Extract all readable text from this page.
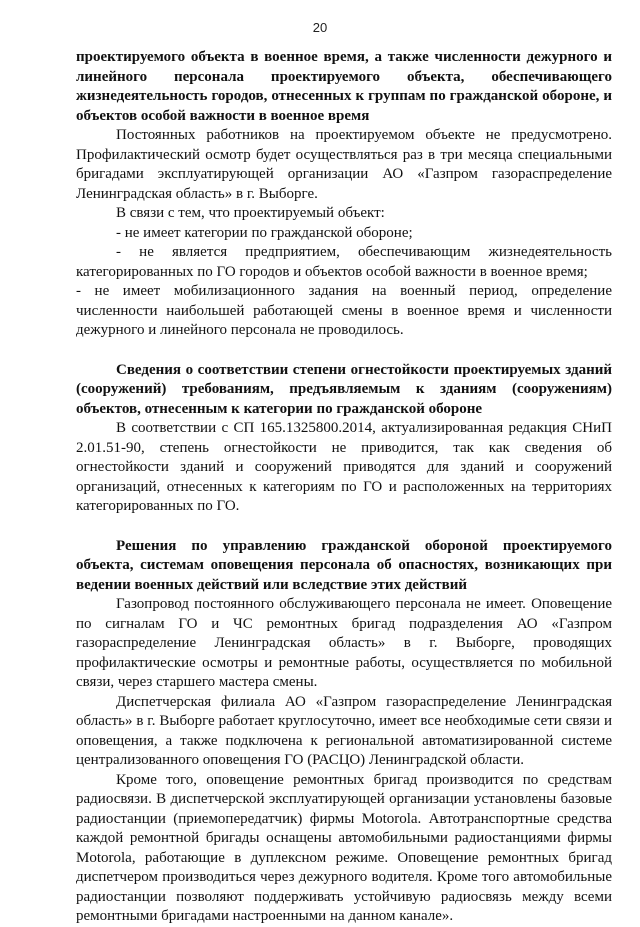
20

проектируемого объекта в военное время, а также численности дежурного и линейного персонала проектируемого объекта, обеспечивающего жизнедеятельность городов, отнесенных к группам по гражданской обороне, и объектов особой важности в военное время

Постоянных работников на проектируемом объекте не предусмотрено. Профилактический осмотр будет осуществляться раз в три месяца специальными бригадами эксплуатирующей организации АО «Газпром газораспределение Ленинградская область» в г. Выборге.

В связи с тем, что проектируемый объект:

- не имеет категории по гражданской обороне;

- не является предприятием, обеспечивающим жизнедеятельность категорированных по ГО городов и объектов особой важности в военное время;

- не имеет мобилизационного задания на военный период, определение численности наибольшей работающей смены в военное время и численности дежурного и линейного персонала не проводилось.

Сведения о соответствии степени огнестойкости проектируемых зданий (сооружений) требованиям, предъявляемым к зданиям (сооружениям) объектов, отнесенным к категории по гражданской обороне

В соответствии с СП 165.1325800.2014, актуализированная редакция СНиП 2.01.51-90, степень огнестойкости не приводится, так как сведения об огнестойкости зданий и сооружений приводятся для зданий и сооружений организаций, отнесенных к категориям по ГО и расположенных на территориях категорированных по ГО.

Решения по управлению гражданской обороной проектируемого объекта, системам оповещения персонала об опасностях, возникающих при ведении военных действий или вследствие этих действий

Газопровод постоянного обслуживающего персонала не имеет. Оповещение по сигналам ГО и ЧС ремонтных бригад подразделения АО «Газпром газораспределение Ленинградская область» в г. Выборге, проводящих профилактические осмотры и ремонтные работы, осуществляется по мобильной связи, через старшего мастера смены.

Диспетчерская филиала АО «Газпром газораспределение Ленинградская область» в г. Выборге работает круглосуточно, имеет все необходимые сети связи и оповещения, а также подключена к региональной автоматизированной системе централизованного оповещения ГО (РАСЦО) Ленинградской области.

Кроме того, оповещение ремонтных бригад производится по средствам радиосвязи. В диспетчерской эксплуатирующей организации установлены базовые радиостанции (приемопередатчик) фирмы Motorola. Автотранспортные средства каждой ремонтной бригады оснащены автомобильными радиостанциями фирмы Motorola, работающие в дуплексном режиме. Оповещение ремонтных бригад диспетчером производиться через дежурного водителя. Кроме того автомобильные радиостанции позволяют поддерживать устойчивую радиосвязь между всеми ремонтными бригадами настроенными на данном канале».
